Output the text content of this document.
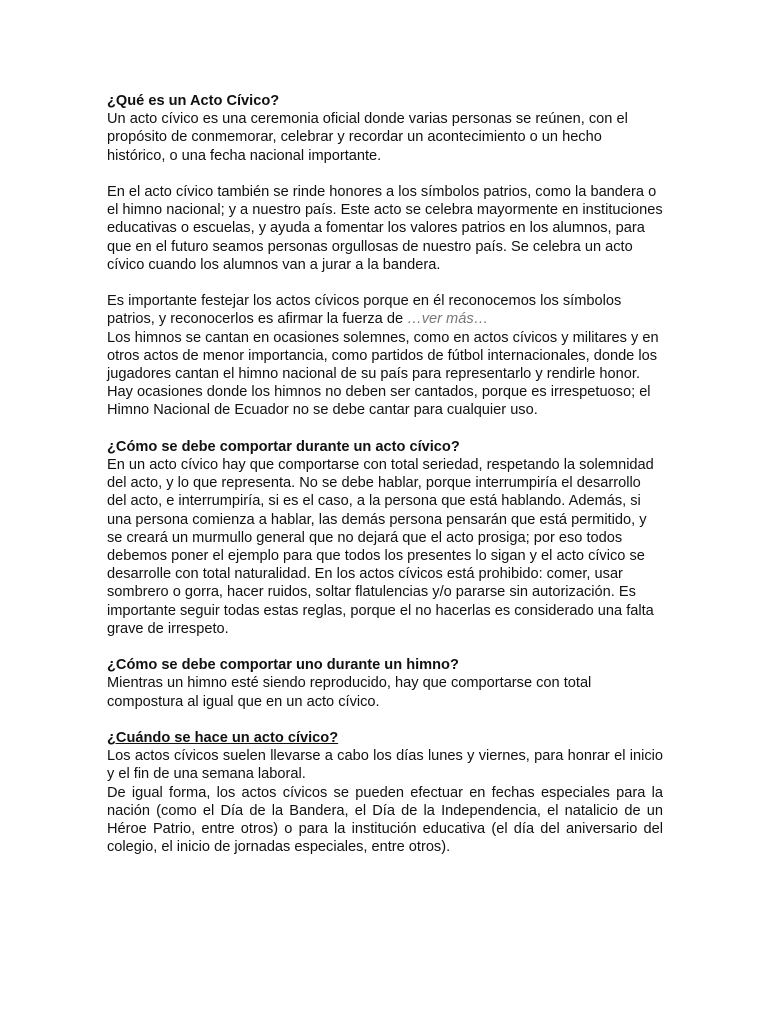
¿Qué es un Acto Cívico?

Un acto cívico es una ceremonia oficial donde varias personas se reúnen, con el propósito de conmemorar, celebrar y recordar un acontecimiento o un hecho histórico, o una fecha nacional importante.

En el acto cívico también se rinde honores a los símbolos patrios, como la bandera o el himno nacional; y a nuestro país. Este acto se celebra mayormente en instituciones educativas o escuelas, y ayuda a fomentar los valores patrios en los alumnos, para que en el futuro seamos personas orgullosas de nuestro país. Se celebra un acto cívico cuando los alumnos van a jurar a la bandera.

Es importante festejar los actos cívicos porque en él reconocemos los símbolos patrios, y reconocerlos es afirmar la fuerza de …ver más…

Los himnos se cantan en ocasiones solemnes, como en actos cívicos y militares y en otros actos de menor importancia, como partidos de fútbol internacionales, donde los jugadores cantan el himno nacional de su país para representarlo y rendirle honor. Hay ocasiones donde los himnos no deben ser cantados, porque es irrespetuoso; el Himno Nacional de Ecuador no se debe cantar para cualquier uso.

¿Cómo se debe comportar durante un acto cívico?

En un acto cívico hay que comportarse con total seriedad, respetando la solemnidad del acto, y lo que representa. No se debe hablar, porque interrumpiría el desarrollo del acto, e interrumpiría, si es el caso, a la persona que está hablando. Además, si una persona comienza a hablar, las demás persona pensarán que está permitido, y se creará un murmullo general que no dejará que el acto prosiga; por eso todos debemos poner el ejemplo para que todos los presentes lo sigan y el acto cívico se desarrolle con total naturalidad. En los actos cívicos está prohibido: comer, usar sombrero o gorra, hacer ruidos, soltar flatulencias y/o pararse sin autorización. Es importante seguir todas estas reglas, porque el no hacerlas es considerado una falta grave de irrespeto.

¿Cómo se debe comportar uno durante un himno?

Mientras un himno esté siendo reproducido, hay que comportarse con total compostura al igual que en un acto cívico.

¿Cuándo se hace un acto cívico?

Los actos cívicos suelen llevarse a cabo los días lunes y viernes, para honrar el inicio y el fin de una semana laboral.

De igual forma, los actos cívicos se pueden efectuar en fechas especiales para la nación (como el Día de la Bandera, el Día de la Independencia, el natalicio de un Héroe Patrio, entre otros) o para la institución educativa (el día del aniversario del colegio, el inicio de jornadas especiales, entre otros).
